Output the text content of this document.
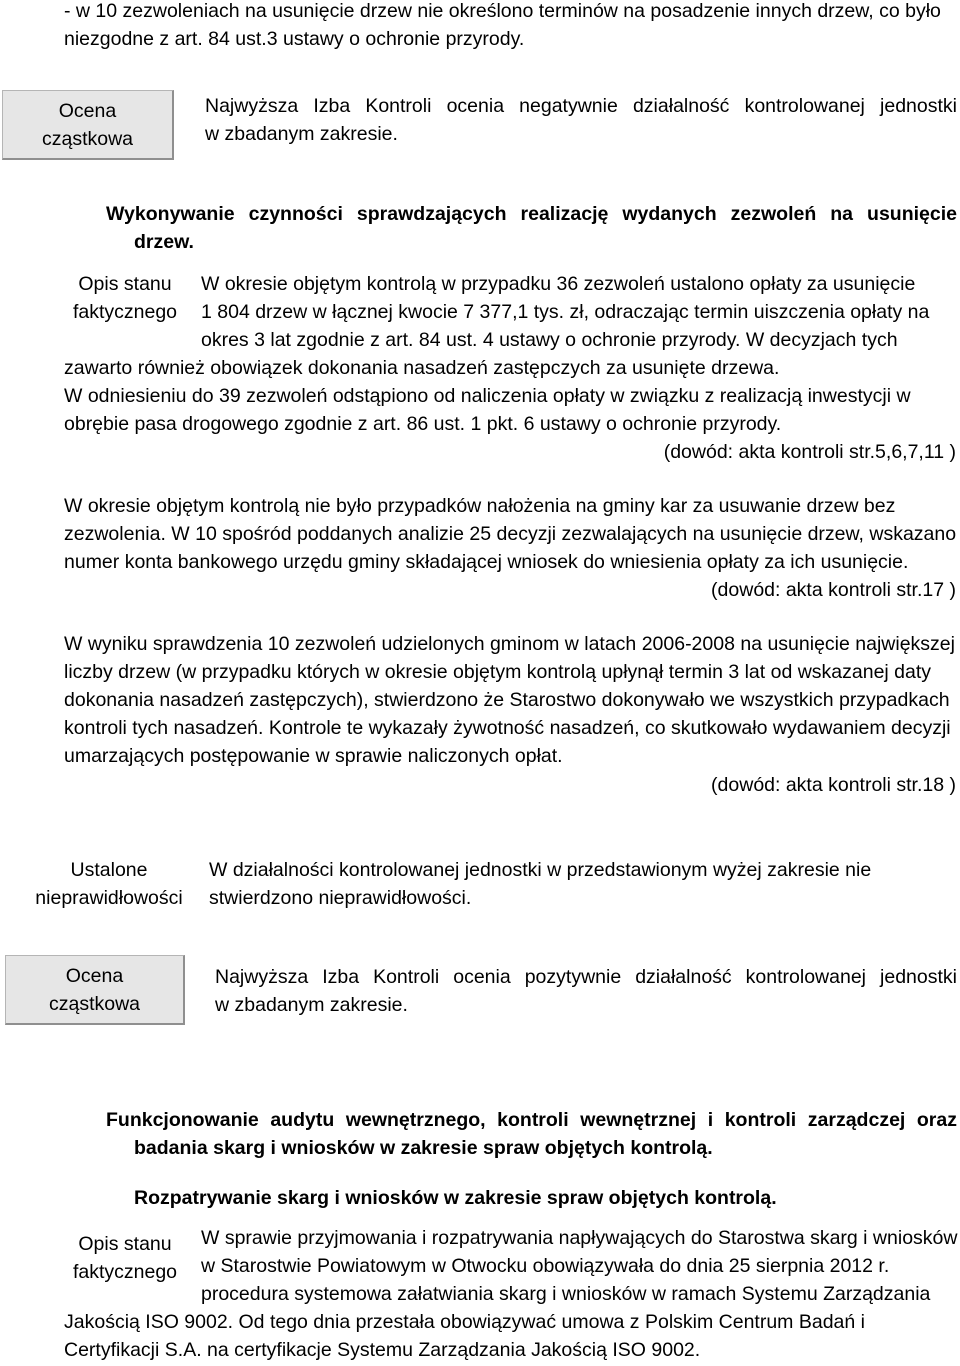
- w 10 zezwoleniach na usunięcie drzew nie określono terminów na posadzenie innych drzew, co było
niezgodne z art. 84 ust.3 ustawy o ochronie przyrody.
Ocena
cząstkowa
Najwyższa Izba Kontroli ocenia negatywnie działalność kontrolowanej jednostki
w zbadanym zakresie.
Wykonywanie czynności sprawdzających realizację wydanych zezwoleń na usunięcie
drzew.
Opis stanu
faktycznego
W okresie objętym kontrolą w przypadku 36 zezwoleń ustalono opłaty za usunięcie
1 804 drzew w łącznej kwocie 7 377,1 tys. zł, odraczając termin uiszczenia opłaty na
okres 3 lat zgodnie z art. 84 ust. 4 ustawy o ochronie przyrody. W decyzjach tych
zawarto również obowiązek dokonania nasadzeń zastępczych za usunięte drzewa.
W odniesieniu do 39 zezwoleń odstąpiono od naliczenia opłaty w związku z realizacją inwestycji w
obrębie pasa drogowego zgodnie z art. 86 ust. 1 pkt. 6 ustawy o ochronie przyrody.
(dowód: akta kontroli str.5,6,7,11 )
W okresie objętym kontrolą nie było przypadków nałożenia na gminy kar za usuwanie drzew bez
zezwolenia. W 10 spośród poddanych analizie 25 decyzji zezwalających na usunięcie drzew, wskazano
numer konta bankowego urzędu gminy składającej wniosek do wniesienia opłaty za ich usunięcie.
(dowód: akta kontroli str.17 )
W wyniku sprawdzenia 10 zezwoleń udzielonych gminom w latach 2006-2008 na usunięcie największej
liczby drzew (w przypadku których w okresie objętym kontrolą upłynął termin 3 lat od wskazanej daty
dokonania nasadzeń zastępczych), stwierdzono że Starostwo dokonywało we wszystkich przypadkach
kontroli tych nasadzeń. Kontrole te wykazały żywotność nasadzeń, co skutkowało wydawaniem decyzji
umarzających postępowanie w sprawie naliczonych opłat.
(dowód: akta kontroli str.18 )
Ustalone
nieprawidłowości
W działalności kontrolowanej jednostki w przedstawionym wyżej zakresie nie
stwierdzono nieprawidłowości.
Ocena
cząstkowa
Najwyższa Izba Kontroli ocenia pozytywnie działalność kontrolowanej jednostki
w zbadanym zakresie.
Funkcjonowanie audytu wewnętrznego, kontroli wewnętrznej i kontroli zarządczej oraz
badania skarg i wniosków w zakresie spraw objętych kontrolą.
Rozpatrywanie skarg i wniosków w zakresie spraw objętych kontrolą.
Opis stanu
faktycznego
W sprawie przyjmowania i rozpatrywania napływających do Starostwa skarg i wniosków
w Starostwie Powiatowym w Otwocku obowiązywała do dnia 25 sierpnia 2012 r.
procedura systemowa załatwiania skarg i wniosków w ramach Systemu Zarządzania
Jakością ISO 9002. Od tego dnia przestała obowiązywać umowa z Polskim Centrum Badań i
Certyfikacji S.A. na certyfikacje Systemu Zarządzania Jakością ISO 9002.
